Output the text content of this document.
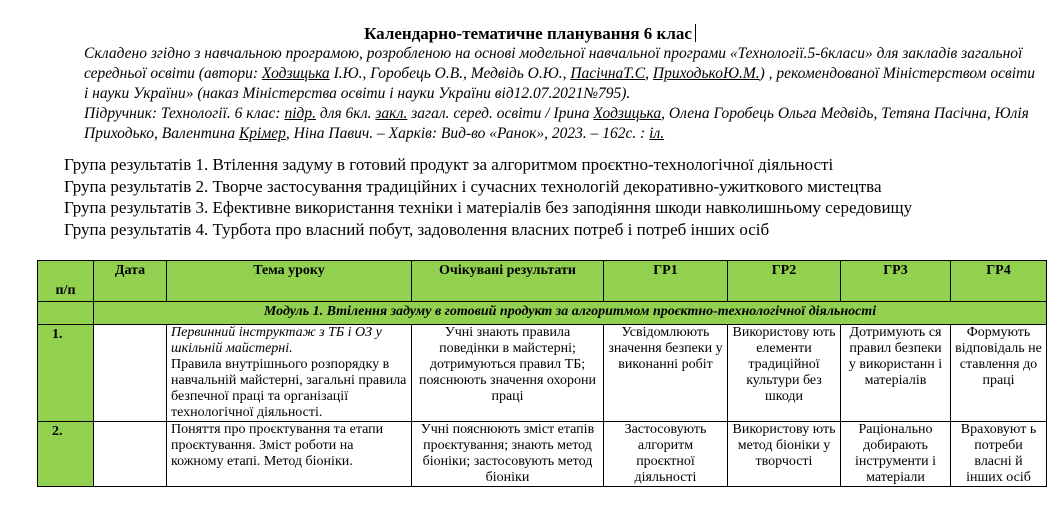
Календарно-тематичне планування 6 клас

Складено згідно з навчальною програмою, розробленою на основі модельної навчальної програми «Технології.5-6класи» для закладів загальної середньої освіти (автори: Ходзицька І.Ю., Горобець О.В., Медвідь О.Ю., ПасічнаТ.С, ПриходькоЮ.М.) , рекомендованої Міністерством освіти і науки України» (наказ Міністерства освіти і науки України від12.07.2021№795).

Підручник: Технології. 6 клас: підр. для 6кл. закл. загал. серед. освіти / Ірина Ходзицька, Олена Горобець Ольга Медвідь, Тетяна Пасічна, Юлія Приходько, Валентина Крімер, Ніна Павич. – Харків: Вид-во «Ранок», 2023. – 162с. : іл.

Група результатів 1. Втілення задуму в готовий продукт за алгоритмом проєктно-технологічної діяльності
Група результатів 2. Творче застосування традиційних і сучасних технологій декоративно-ужиткового мистецтва
Група результатів 3. Ефективне використання техніки і матеріалів без заподіяння шкоди навколишньому середовищу
Група результатів 4. Турбота про власний побут, задоволення власних потреб і потреб інших осіб
п/п	Дата	Тема уроку	Очікувані результати	ГР1	ГР2	ГР3	ГР4
	Модуль 1. Втілення задуму в готовий продукт за алгоритмом проєктно-технологічної діяльності						
1.		Первинний інструктаж з ТБ і ОЗ у шкільній майстерні.
Правила внутрішнього розпорядку в навчальній майстерні, загальні правила безпечної праці та організації технологічної діяльності.	Учні знають правила поведінки в майстерні; дотримуються правил ТБ; пояснюють значення охорони праці	Усвідомлюють значення безпеки у виконанні робіт	Використову ють елементи традиційної культури без шкоди	Дотримують ся правил безпеки у використанн і матеріалів	Формують відповідаль не ставлення до праці
2.		Поняття про проєктування та етапи проєктування. Зміст роботи на кожному етапі. Метод біоніки.	Учні пояснюють зміст етапів проєктування; знають метод біоніки; застосовують метод біоніки	Застосовують алгоритм проєктної діяльності	Використову ють метод біоніки у творчості	Раціонально добирають інструменти і матеріали	Враховуют ь потреби власні й інших осіб
